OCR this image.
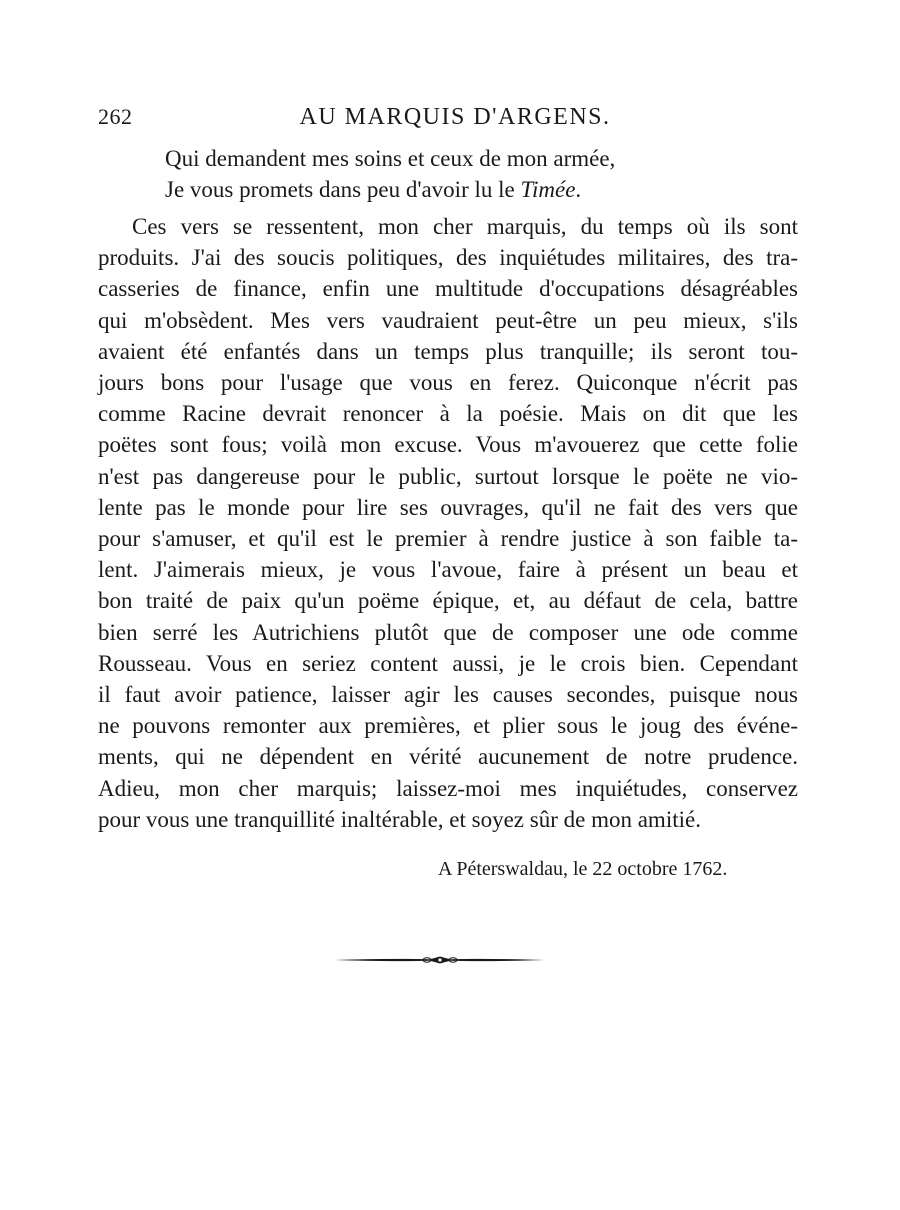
262	AU MARQUIS D'ARGENS.
Qui demandent mes soins et ceux de mon armée,
Je vous promets dans peu d'avoir lu le Timée.
Ces vers se ressentent, mon cher marquis, du temps où ils sont
produits. J'ai des soucis politiques, des inquiétudes militaires, des tra-
casseries de finance, enfin une multitude d'occupations désagréables
qui m'obsèdent. Mes vers vaudraient peut-être un peu mieux, s'ils
avaient été enfantés dans un temps plus tranquille; ils seront tou-
jours bons pour l'usage que vous en ferez. Quiconque n'écrit pas
comme Racine devrait renoncer à la poésie. Mais on dit que les
poëtes sont fous; voilà mon excuse. Vous m'avouerez que cette folie
n'est pas dangereuse pour le public, surtout lorsque le poëte ne vio-
lente pas le monde pour lire ses ouvrages, qu'il ne fait des vers que
pour s'amuser, et qu'il est le premier à rendre justice à son faible ta-
lent. J'aimerais mieux, je vous l'avoue, faire à présent un beau et
bon traité de paix qu'un poëme épique, et, au défaut de cela, battre
bien serré les Autrichiens plutôt que de composer une ode comme
Rousseau. Vous en seriez content aussi, je le crois bien. Cependant
il faut avoir patience, laisser agir les causes secondes, puisque nous
ne pouvons remonter aux premières, et plier sous le joug des événe-
ments, qui ne dépendent en vérité aucunement de notre prudence.
Adieu, mon cher marquis; laissez-moi mes inquiétudes, conservez
pour vous une tranquillité inaltérable, et soyez sûr de mon amitié.
A Péterswaldau, le 22 octobre 1762.
